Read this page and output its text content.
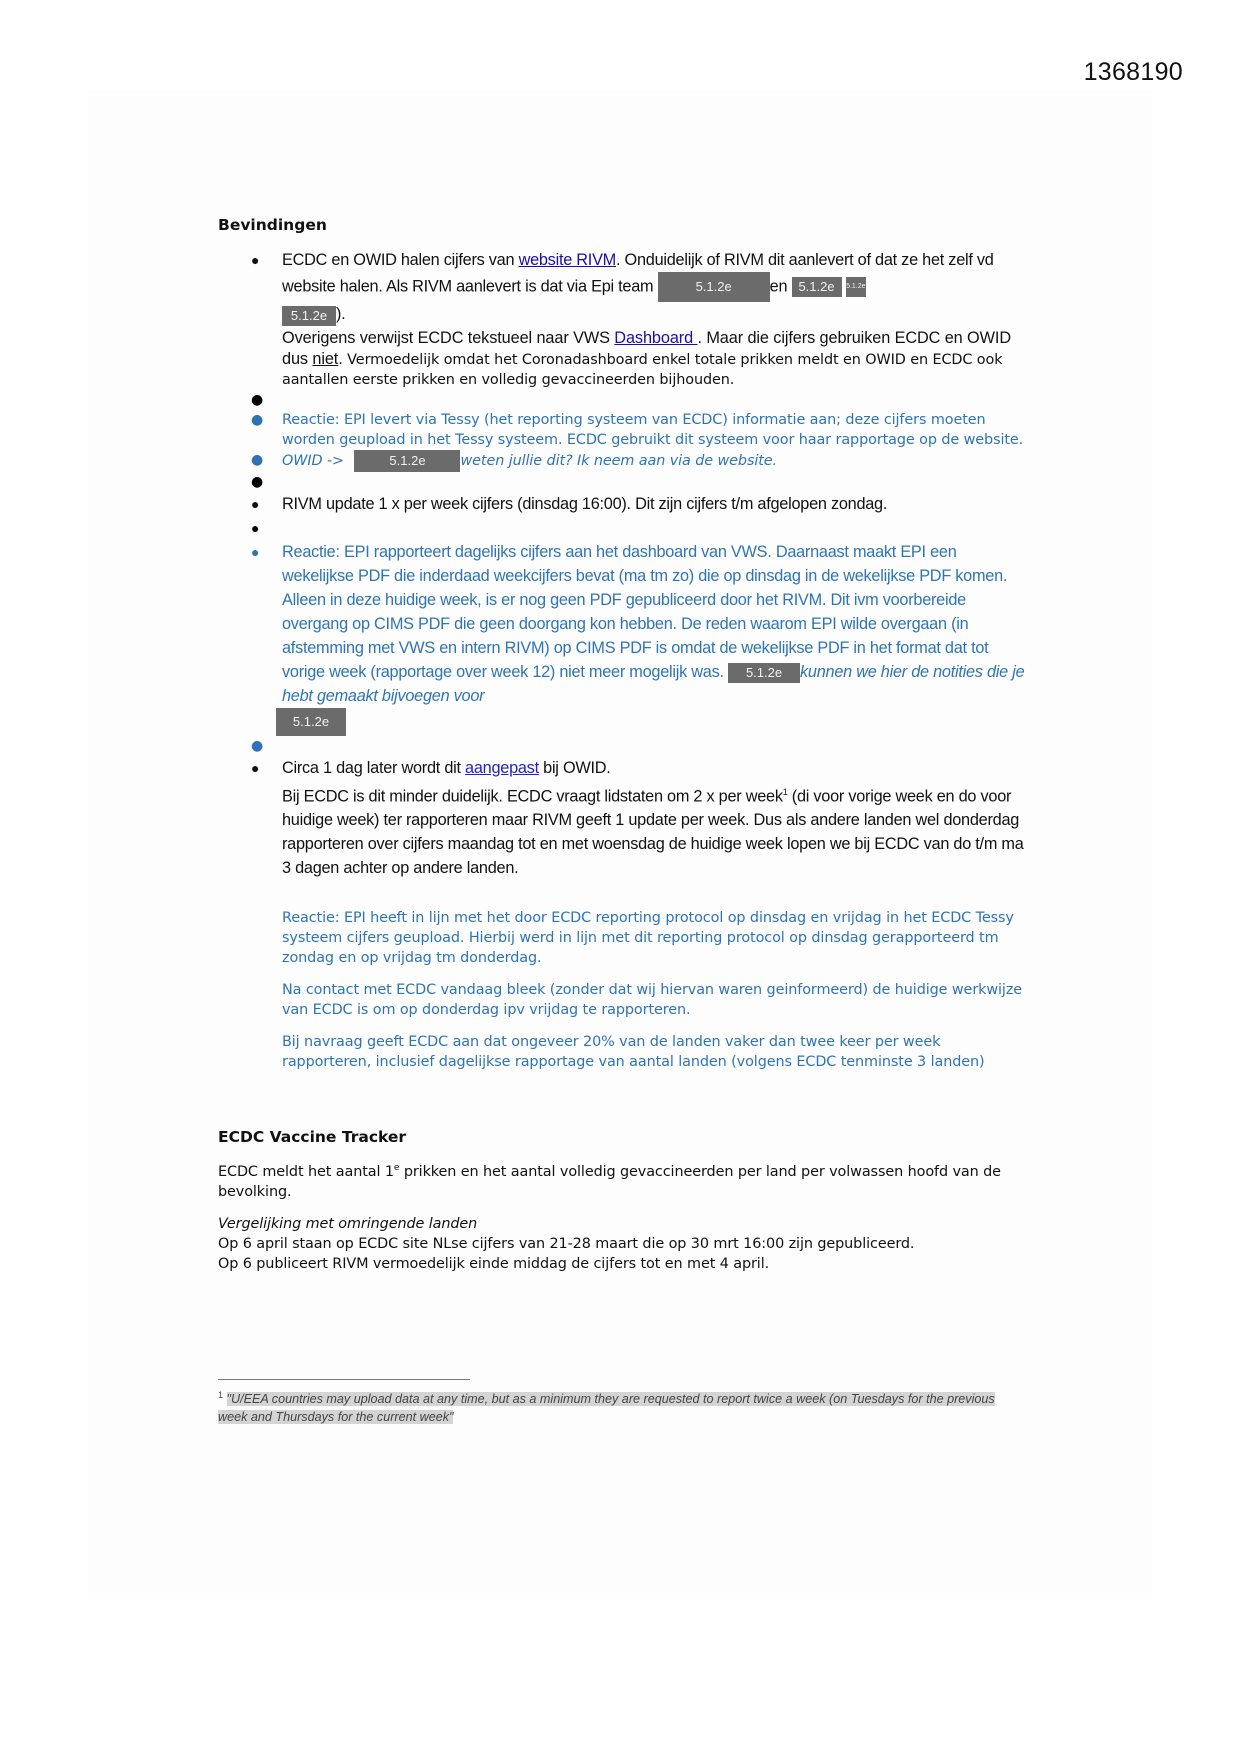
1368190
Bevindingen
● ECDC en OWID halen cijfers van website RIVM. Onduidelijk of RIVM dit aanlevert of dat ze het zelf vd website halen. Als RIVM aanlevert is dat via Epi team	5.1.2e en 5.1.2e 5.1.2e
5.1.2e ).
Overigens verwijst ECDC tekstueel naar VWS Dashboard . Maar die cijfers gebruiken ECDC en OWID dus niet. Vermoedelijk omdat het Coronadashboard enkel totale prikken meldt en OWID en ECDC ook aantallen eerste prikken en volledig gevaccineerden bijhouden.
●
● Reactie: EPI levert via Tessy (het reporting systeem van ECDC) informatie aan; deze cijfers moeten worden geupload in het Tessy systeem. ECDC gebruikt dit systeem voor haar rapportage op de website.
● OWID ->	5.1.2e weten jullie dit? Ik neem aan via de website.
●
● RIVM update 1 x per week cijfers (dinsdag 16:00). Dit zijn cijfers t/m afgelopen zondag.
●
● Reactie: EPI rapporteert dagelijks cijfers aan het dashboard van VWS. Daarnaast maakt EPI een wekelijkse PDF die inderdaad weekcijfers bevat (ma tm zo) die op dinsdag in de wekelijkse PDF komen. Alleen in deze huidige week, is er nog geen PDF gepubliceerd door het RIVM. Dit ivm voorbereide overgang op CIMS PDF die geen doorgang kon hebben. De reden waarom EPI wilde overgaan (in afstemming met VWS en intern RIVM) op CIMS PDF is omdat de wekelijkse PDF in het format dat tot vorige week (rapportage over week 12) niet meer mogelijk was. 5.1.2e kunnen we hier de notities die je hebt gemaakt bijvoegen voor
5.1.2e
●
● Circa 1 dag later wordt dit aangepast bij OWID.
Bij ECDC is dit minder duidelijk. ECDC vraagt lidstaten om 2 x per week$^1$ (di voor vorige week en do voor huidige week) ter rapporteren maar RIVM geeft 1 update per week. Dus als andere landen wel donderdag rapporteren over cijfers maandag tot en met woensdag de huidige week lopen we bij ECDC van do t/m ma 3 dagen achter op andere landen.
Reactie: EPI heeft in lijn met het door ECDC reporting protocol op dinsdag en vrijdag in het ECDC Tessy systeem cijfers geupload. Hierbij werd in lijn met dit reporting protocol op dinsdag gerapporteerd tm zondag en op vrijdag tm donderdag.
Na contact met ECDC vandaag bleek (zonder dat wij hiervan waren geinformeerd) de huidige werkwijze van ECDC is om op donderdag ipv vrijdag te rapporteren.
Bij navraag geeft ECDC aan dat ongeveer 20% van de landen vaker dan twee keer per week rapporteren, inclusief dagelijkse rapportage van aantal landen (volgens ECDC tenminste 3 landen)
ECDC Vaccine Tracker
ECDC meldt het aantal 1e prikken en het aantal volledig gevaccineerden per land per volwassen hoofd van de bevolking.
Vergelijking met omringende landen
Op 6 april staan op ECDC site NLse cijfers van 21-28 maart die op 30 mrt 16:00 zijn gepubliceerd.
Op 6 publiceert RIVM vermoedelijk einde middag de cijfers tot en met 4 april.
$^1$ "U/EEA countries may upload data at any time, but as a minimum they are requested to report twice a week (on Tuesdays for the previous week and Thursdays for the current week"
